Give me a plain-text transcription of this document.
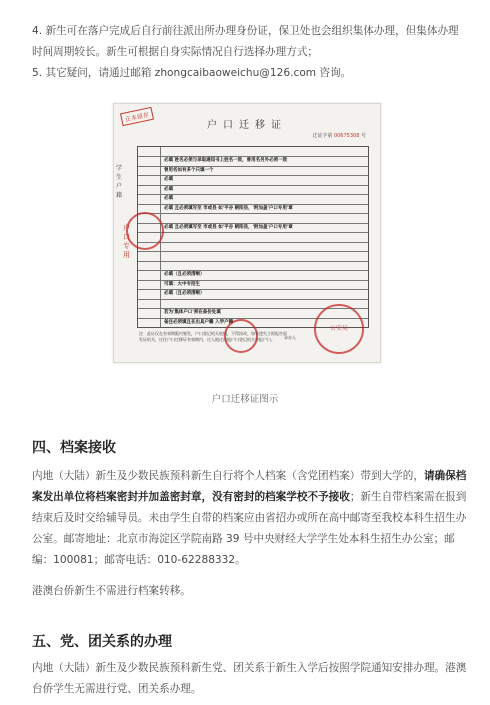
4. 新生可在落户完成后自行前往派出所办理身份证，保卫处也会组织集体办理，但集体办理时间周期较长。新生可根据自身实际情况自行选择办理方式；

5. 其它疑问，请通过邮箱 zhongcaibaoweichu@126.com 咨询。

正本留存
户口迁移证
迁证字第 00675308 号
学生户籍
户口专用
必填 姓名必须与录取通知书上姓名一致，曾用名另外必须一致
曾用名如有多个只填一个
必填
必填
必填
必填 且必须填写至 市或县 如'平谷 朝阳县，'附加盖'户口专用'章
必填 且必须填写至 市或县 如'平谷 朝阳县，'附加盖'户口专用'章
必填（且必须清晰）
可填：大中专招生
必填（且必须清晰）
若为'集体户口'须在备份处填
备注必须填且在出具户籍 入学户籍
公安局
注：此证仅在有效期限内签发，户口登记机关收执，不得涂改。如有遗失立即报告原发证机关，迁往户口迁移证有效期内，迁入地迁出地户口登记机关申报户口。	承办人
户口迁移证图示
四、档案接收

内地（大陆）新生及少数民族预科新生自行将个人档案（含党团档案）带到大学的，请确保档案发出单位将档案密封并加盖密封章，没有密封的档案学校不予接收；新生自带档案需在报到结束后及时交给辅导员。未由学生自带的档案应由省招办或所在高中邮寄至我校本科生招生办公室。邮寄地址：北京市海淀区学院南路 39 号中央财经大学学生处本科生招生办公室；邮编：100081；邮寄电话：010-62288332。

港澳台侨新生不需进行档案转移。

五、党、团关系的办理

内地（大陆）新生及少数民族预科新生党、团关系于新生入学后按照学院通知安排办理。港澳台侨学生无需进行党、团关系办理。
